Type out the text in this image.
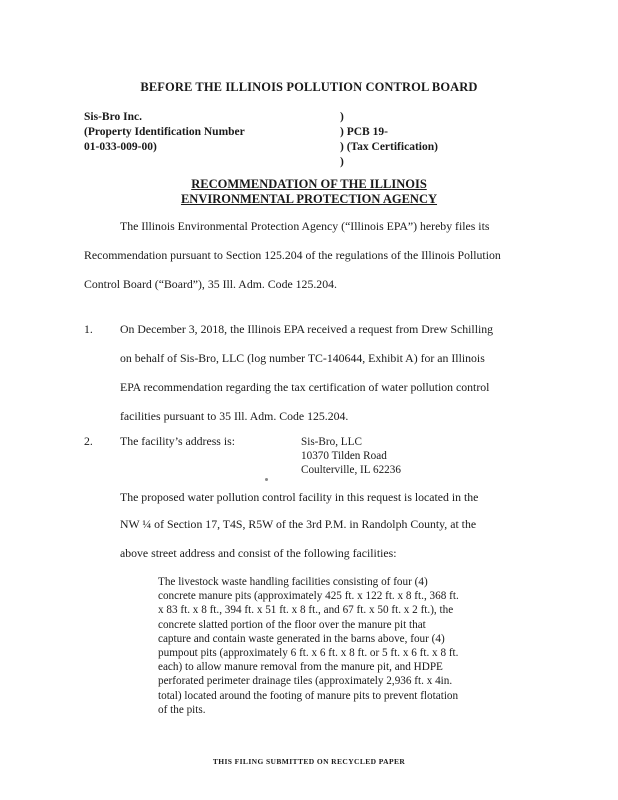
BEFORE THE ILLINOIS POLLUTION CONTROL BOARD
Sis-Bro Inc.
(Property Identification Number
01-033-009-00)
)
) PCB 19-
) (Tax Certification)
)
RECOMMENDATION OF THE ILLINOIS
ENVIRONMENTAL PROTECTION AGENCY
The Illinois Environmental Protection Agency (“Illinois EPA”) hereby files its
Recommendation pursuant to Section 125.204 of the regulations of the Illinois Pollution
Control Board (“Board”), 35 Ill. Adm. Code 125.204.
1. On December 3, 2018, the Illinois EPA received a request from Drew Schilling
on behalf of Sis-Bro, LLC (log number TC-140644, Exhibit A) for an Illinois
EPA recommendation regarding the tax certification of water pollution control
facilities pursuant to 35 Ill. Adm. Code 125.204.
2. The facility’s address is:	Sis-Bro, LLC
10370 Tilden Road
Coulterville, IL 62236
The proposed water pollution control facility in this request is located in the
NW ¼ of Section 17, T4S, R5W of the 3rd P.M. in Randolph County, at the
above street address and consist of the following facilities:
The livestock waste handling facilities consisting of four (4)
concrete manure pits (approximately 425 ft. x 122 ft. x 8 ft., 368 ft.
x 83 ft. x 8 ft., 394 ft. x 51 ft. x 8 ft., and 67 ft. x 50 ft. x 2 ft.), the
concrete slatted portion of the floor over the manure pit that
capture and contain waste generated in the barns above, four (4)
pumpout pits (approximately 6 ft. x 6 ft. x 8 ft. or 5 ft. x 6 ft. x 8 ft.
each) to allow manure removal from the manure pit, and HDPE
perforated perimeter drainage tiles (approximately 2,936 ft. x 4in.
total) located around the footing of manure pits to prevent flotation
of the pits.
THIS FILING SUBMITTED ON RECYCLED PAPER
